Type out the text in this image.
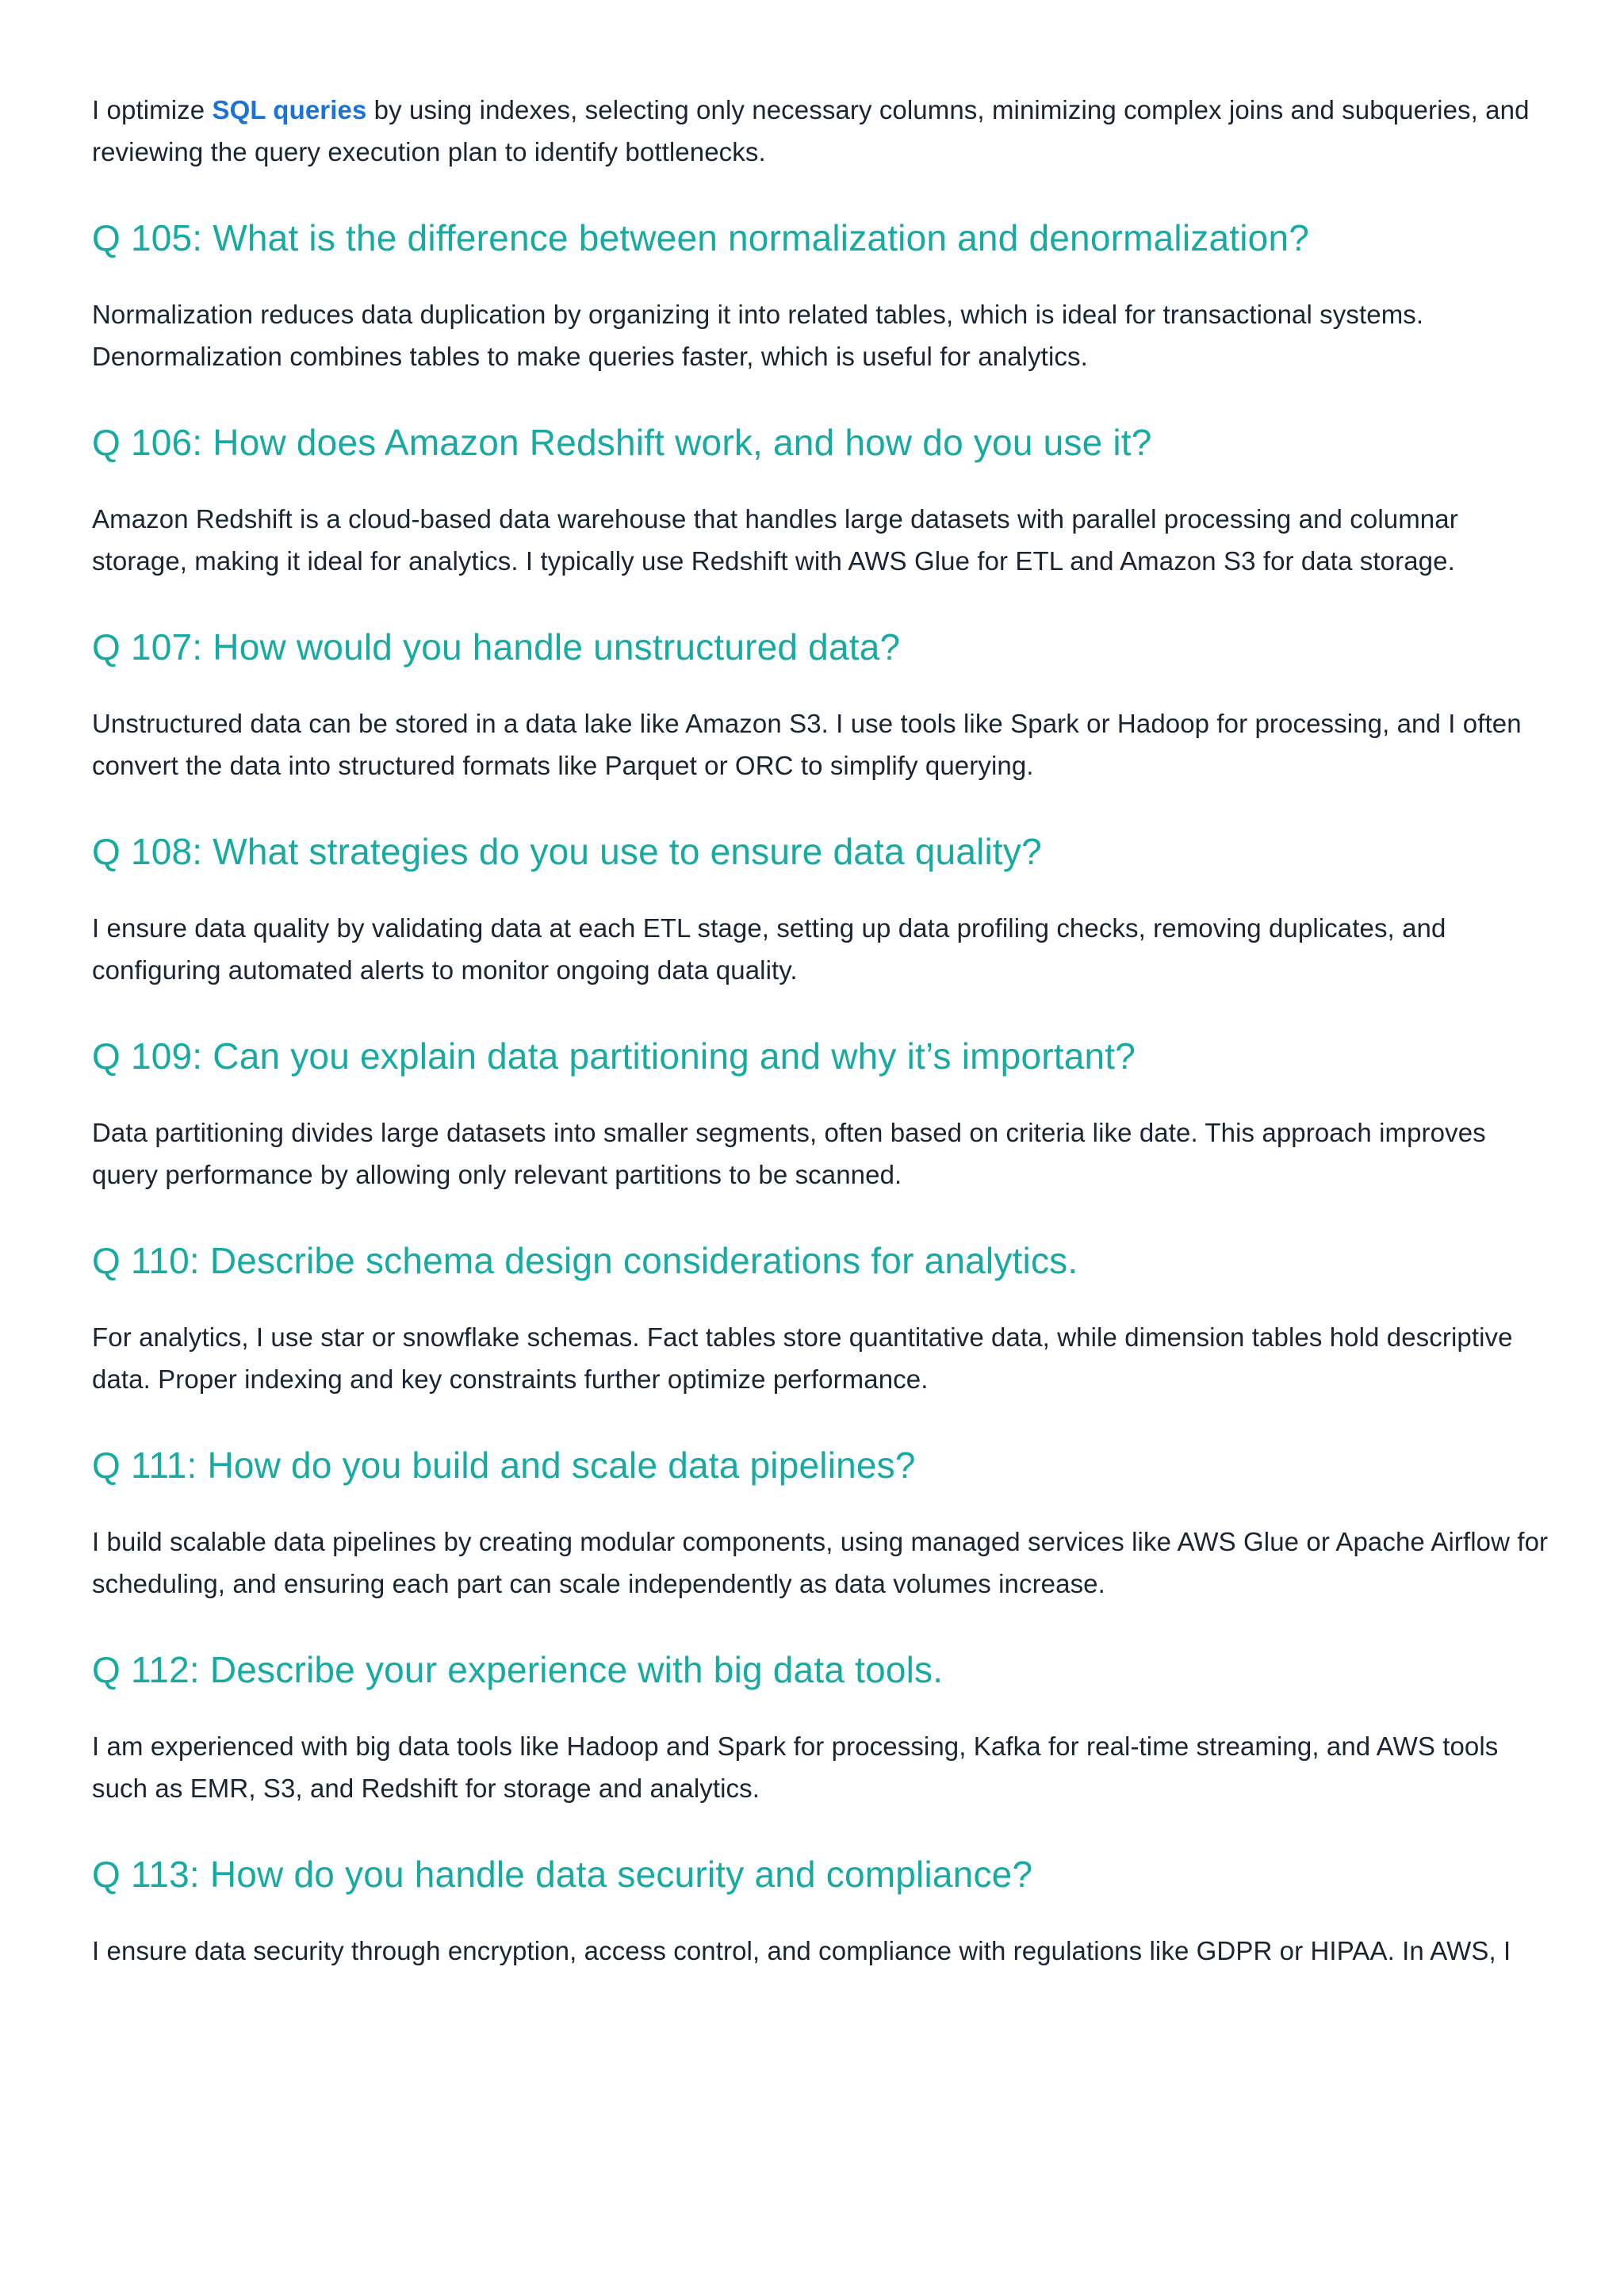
I optimize SQL queries by using indexes, selecting only necessary columns, minimizing complex joins and subqueries, and reviewing the query execution plan to identify bottlenecks.

Q 105: What is the difference between normalization and denormalization?

Normalization reduces data duplication by organizing it into related tables, which is ideal for transactional systems. Denormalization combines tables to make queries faster, which is useful for analytics.

Q 106: How does Amazon Redshift work, and how do you use it?

Amazon Redshift is a cloud-based data warehouse that handles large datasets with parallel processing and columnar storage, making it ideal for analytics. I typically use Redshift with AWS Glue for ETL and Amazon S3 for data storage.

Q 107: How would you handle unstructured data?

Unstructured data can be stored in a data lake like Amazon S3. I use tools like Spark or Hadoop for processing, and I often convert the data into structured formats like Parquet or ORC to simplify querying.

Q 108: What strategies do you use to ensure data quality?

I ensure data quality by validating data at each ETL stage, setting up data profiling checks, removing duplicates, and configuring automated alerts to monitor ongoing data quality.

Q 109: Can you explain data partitioning and why it’s important?

Data partitioning divides large datasets into smaller segments, often based on criteria like date. This approach improves query performance by allowing only relevant partitions to be scanned.

Q 110: Describe schema design considerations for analytics.

For analytics, I use star or snowflake schemas. Fact tables store quantitative data, while dimension tables hold descriptive data. Proper indexing and key constraints further optimize performance.

Q 111: How do you build and scale data pipelines?

I build scalable data pipelines by creating modular components, using managed services like AWS Glue or Apache Airflow for scheduling, and ensuring each part can scale independently as data volumes increase.

Q 112: Describe your experience with big data tools.

I am experienced with big data tools like Hadoop and Spark for processing, Kafka for real-time streaming, and AWS tools such as EMR, S3, and Redshift for storage and analytics.

Q 113: How do you handle data security and compliance?

I ensure data security through encryption, access control, and compliance with regulations like GDPR or HIPAA. In AWS, I
